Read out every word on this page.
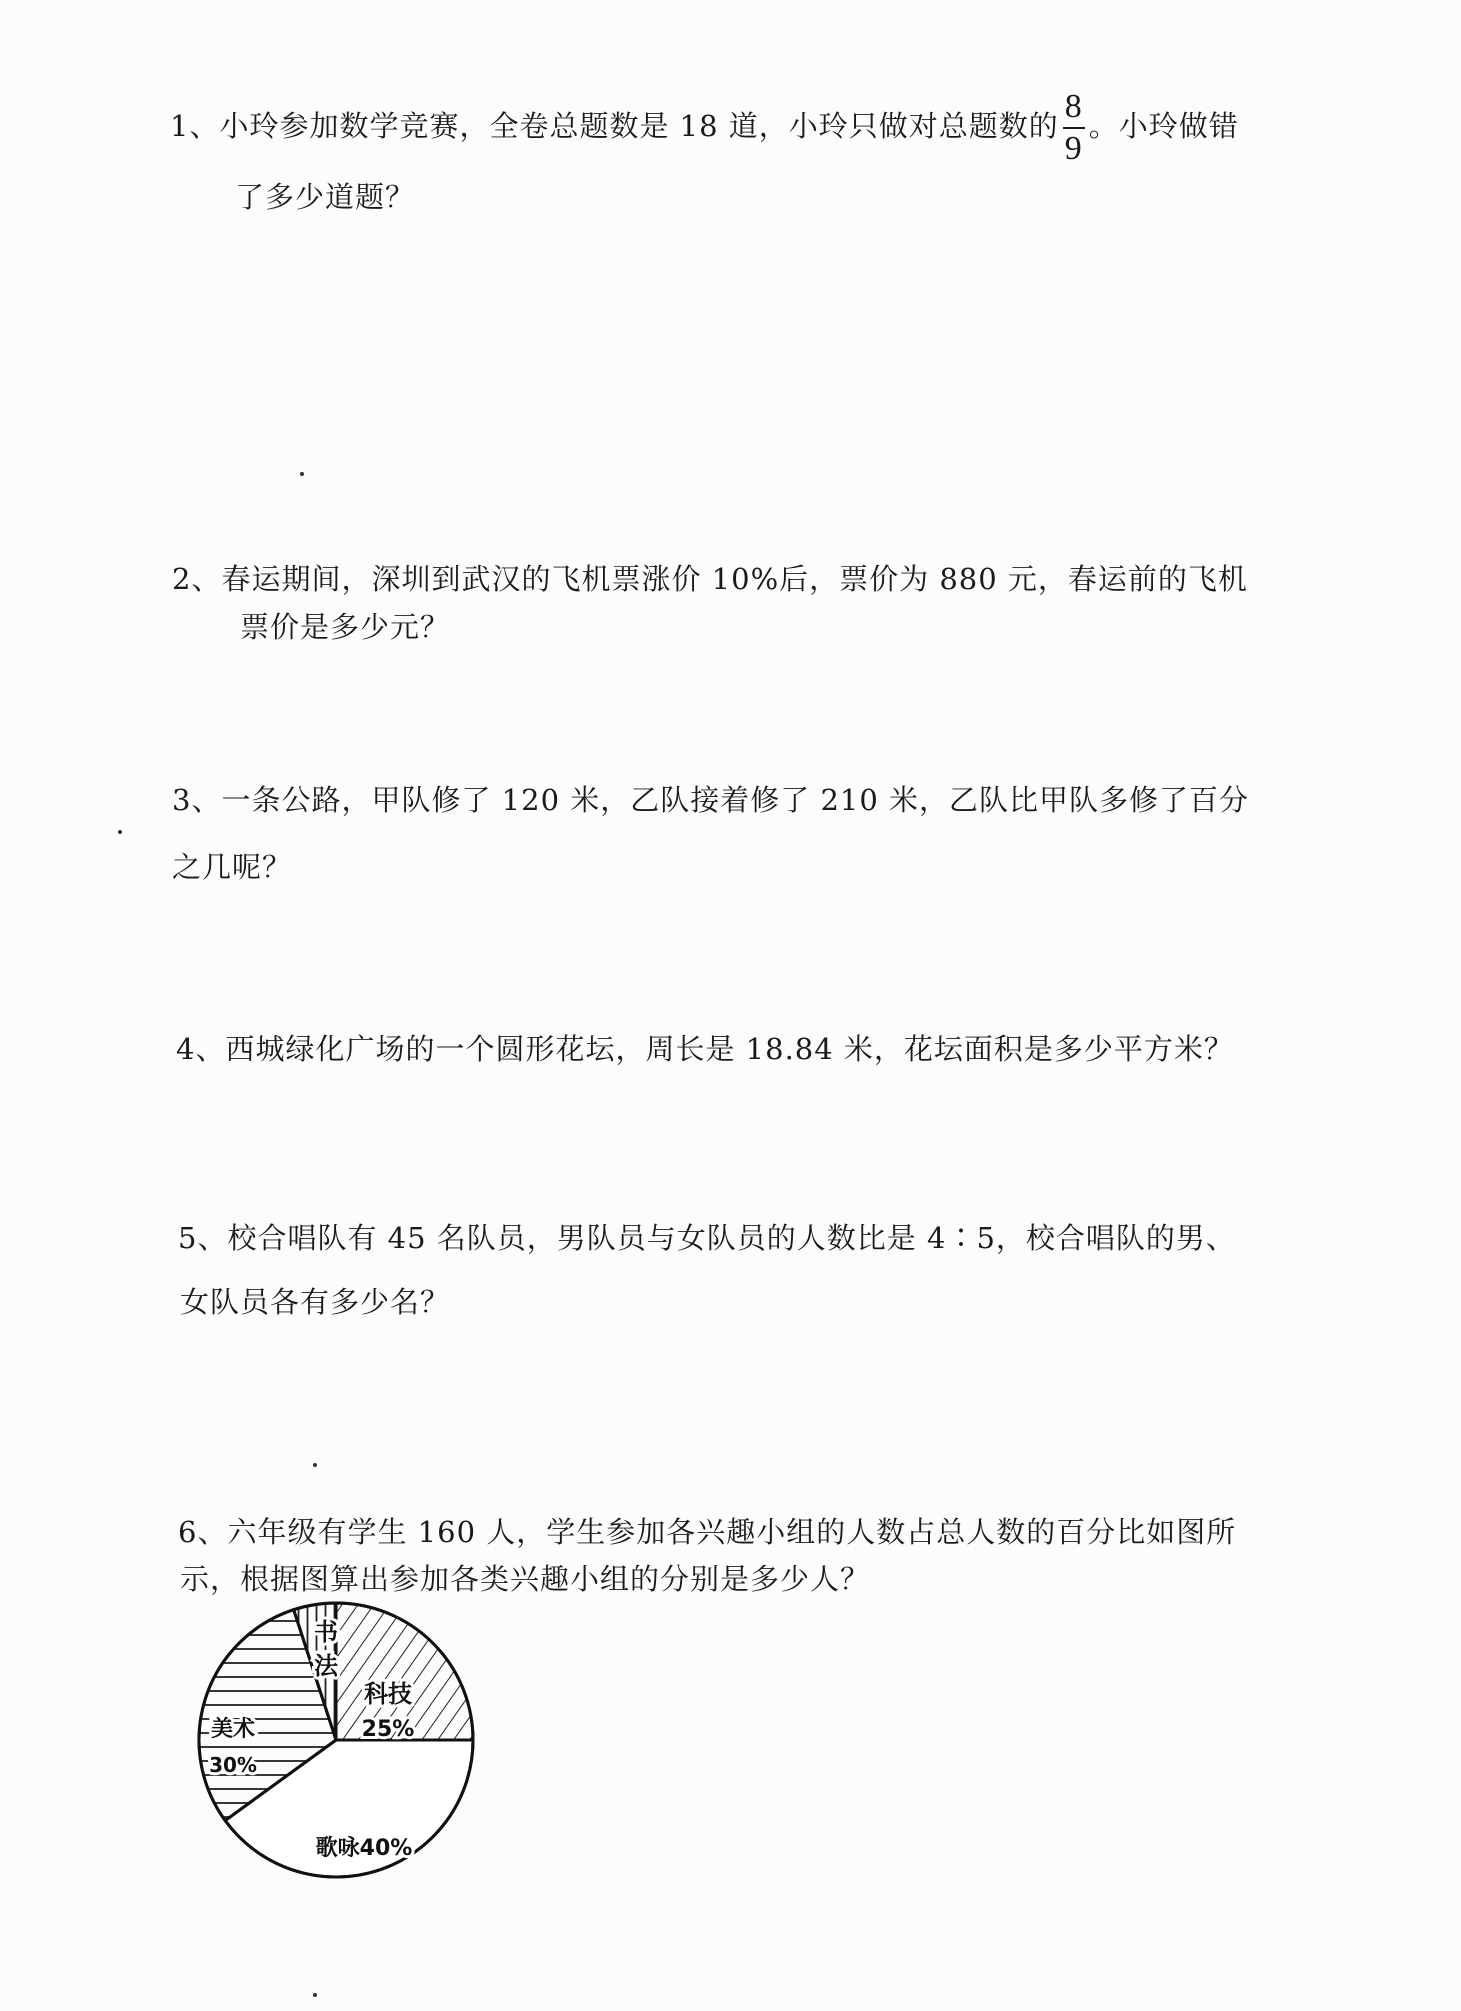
1、小玲参加数学竞赛，全卷总题数是 18 道，小玲只做对总题数的 $\frac{8}{9}$ 。小玲做错
了多少道题？
2、春运期间，深圳到武汉的飞机票涨价 10%后，票价为 880 元，春运前的飞机
票价是多少元？
3、一条公路，甲队修了 120 米，乙队接着修了 210 米，乙队比甲队多修了百分
之几呢？
4、西城绿化广场的一个圆形花坛，周长是 18.84 米，花坛面积是多少平方米？
5、校合唱队有 45 名队员，男队员与女队员的人数比是 4∶5，校合唱队的男、
女队员各有多少名？
6、六年级有学生 160 人，学生参加各兴趣小组的人数占总人数的百分比如图所
示，根据图算出参加各类兴趣小组的分别是多少人？
书
法
科技
25%
歌咏40%
美术
30%
